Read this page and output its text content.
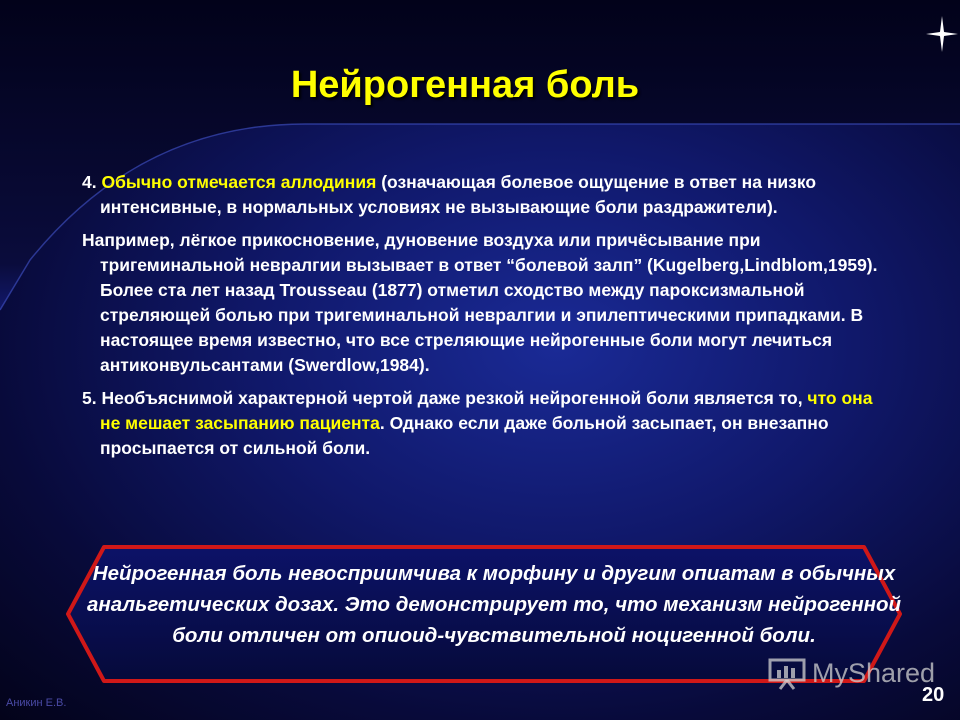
Нейрогенная боль

4. Обычно отмечается аллодиния (означающая болевое ощущение в ответ на низко интенсивные, в нормальных условиях не вызывающие боли раздражители).

Например, лёгкое прикосновение, дуновение воздуха или причёсывание при тригеминальной невралгии вызывает в ответ “болевой залп” (Kugelberg,Lindblom,1959). Более ста лет назад Trousseau (1877) отметил сходство между пароксизмальной стреляющей болью при тригеминальной невралгии и эпилептическими припадками. В настоящее время известно, что все стреляющие нейрогенные боли могут лечиться антиконвульсантами (Swerdlow,1984).

5. Необъяснимой характерной чертой даже резкой нейрогенной боли является то, что она не мешает засыпанию пациента. Однако если даже больной засыпает, он внезапно просыпается от сильной боли.

Нейрогенная боль невосприимчива к морфину и другим опиатам в обычных анальгетических дозах. Это демонстрирует то, что механизм нейрогенной боли отличен от опиоид-чувствительной ноцигенной боли.
MyShared
Аникин Е.В.	20
